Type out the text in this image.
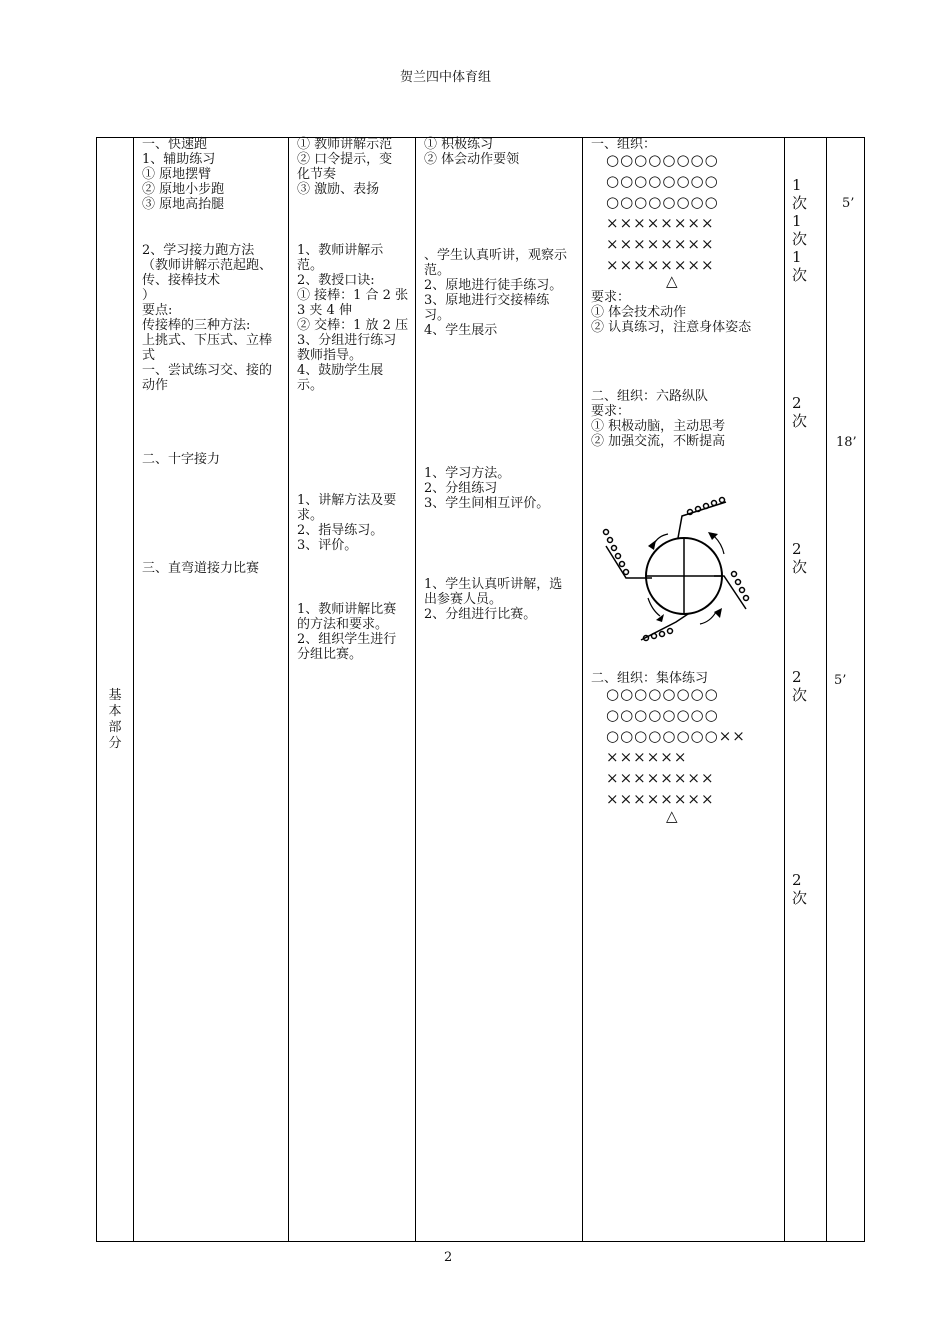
贺兰四中体育组
基
本
部
分
一、快速跑
1、辅助练习
① 原地摆臂
② 原地小步跑
③ 原地高抬腿
2、学习接力跑方法
（教师讲解示范起跑、
传、接棒技术
）
要点:
传接棒的三种方法:
上挑式、下压式、立棒
式
一、尝试练习交、接的
动作
二、十字接力
三、直弯道接力比赛
① 教师讲解示范
② 口令提示，变
化节奏
③ 激励、表扬
1、教师讲解示
范。
2、教授口诀:
① 接棒：1 合 2 张
3 夹 4 伸
② 交棒：1 放 2 压
3、分组进行练习
教师指导。
4、鼓励学生展
示。
1、讲解方法及要
求。
2、指导练习。
3、评价。
1、教师讲解比赛
的方法和要求。
2、组织学生进行
分组比赛。
① 积极练习
② 体会动作要领
、学生认真听讲，观察示
范。
2、原地进行徒手练习。
3、原地进行交接棒练
习。
4、学生展示
1、学习方法。
2、分组练习
3、学生间相互评价。
1、学生认真听讲解，选
出参赛人员。
2、分组进行比赛。
一、组织：
○○○○○○○○
○○○○○○○○
○○○○○○○○
××××××××
××××××××
××××××××
△
要求：
① 体会技术动作
② 认真练习，注意身体姿态
二、组织：六路纵队
要求：
① 积极动脑，主动思考
② 加强交流，不断提高
二、组织：集体练习
○○○○○○○○
○○○○○○○○
○○○○○○○○××
××××××
××××××××
××××××××
△
1
次
1
次
1
次
2
次
2
次
2
次
2
次
5’
18’
5’
2
